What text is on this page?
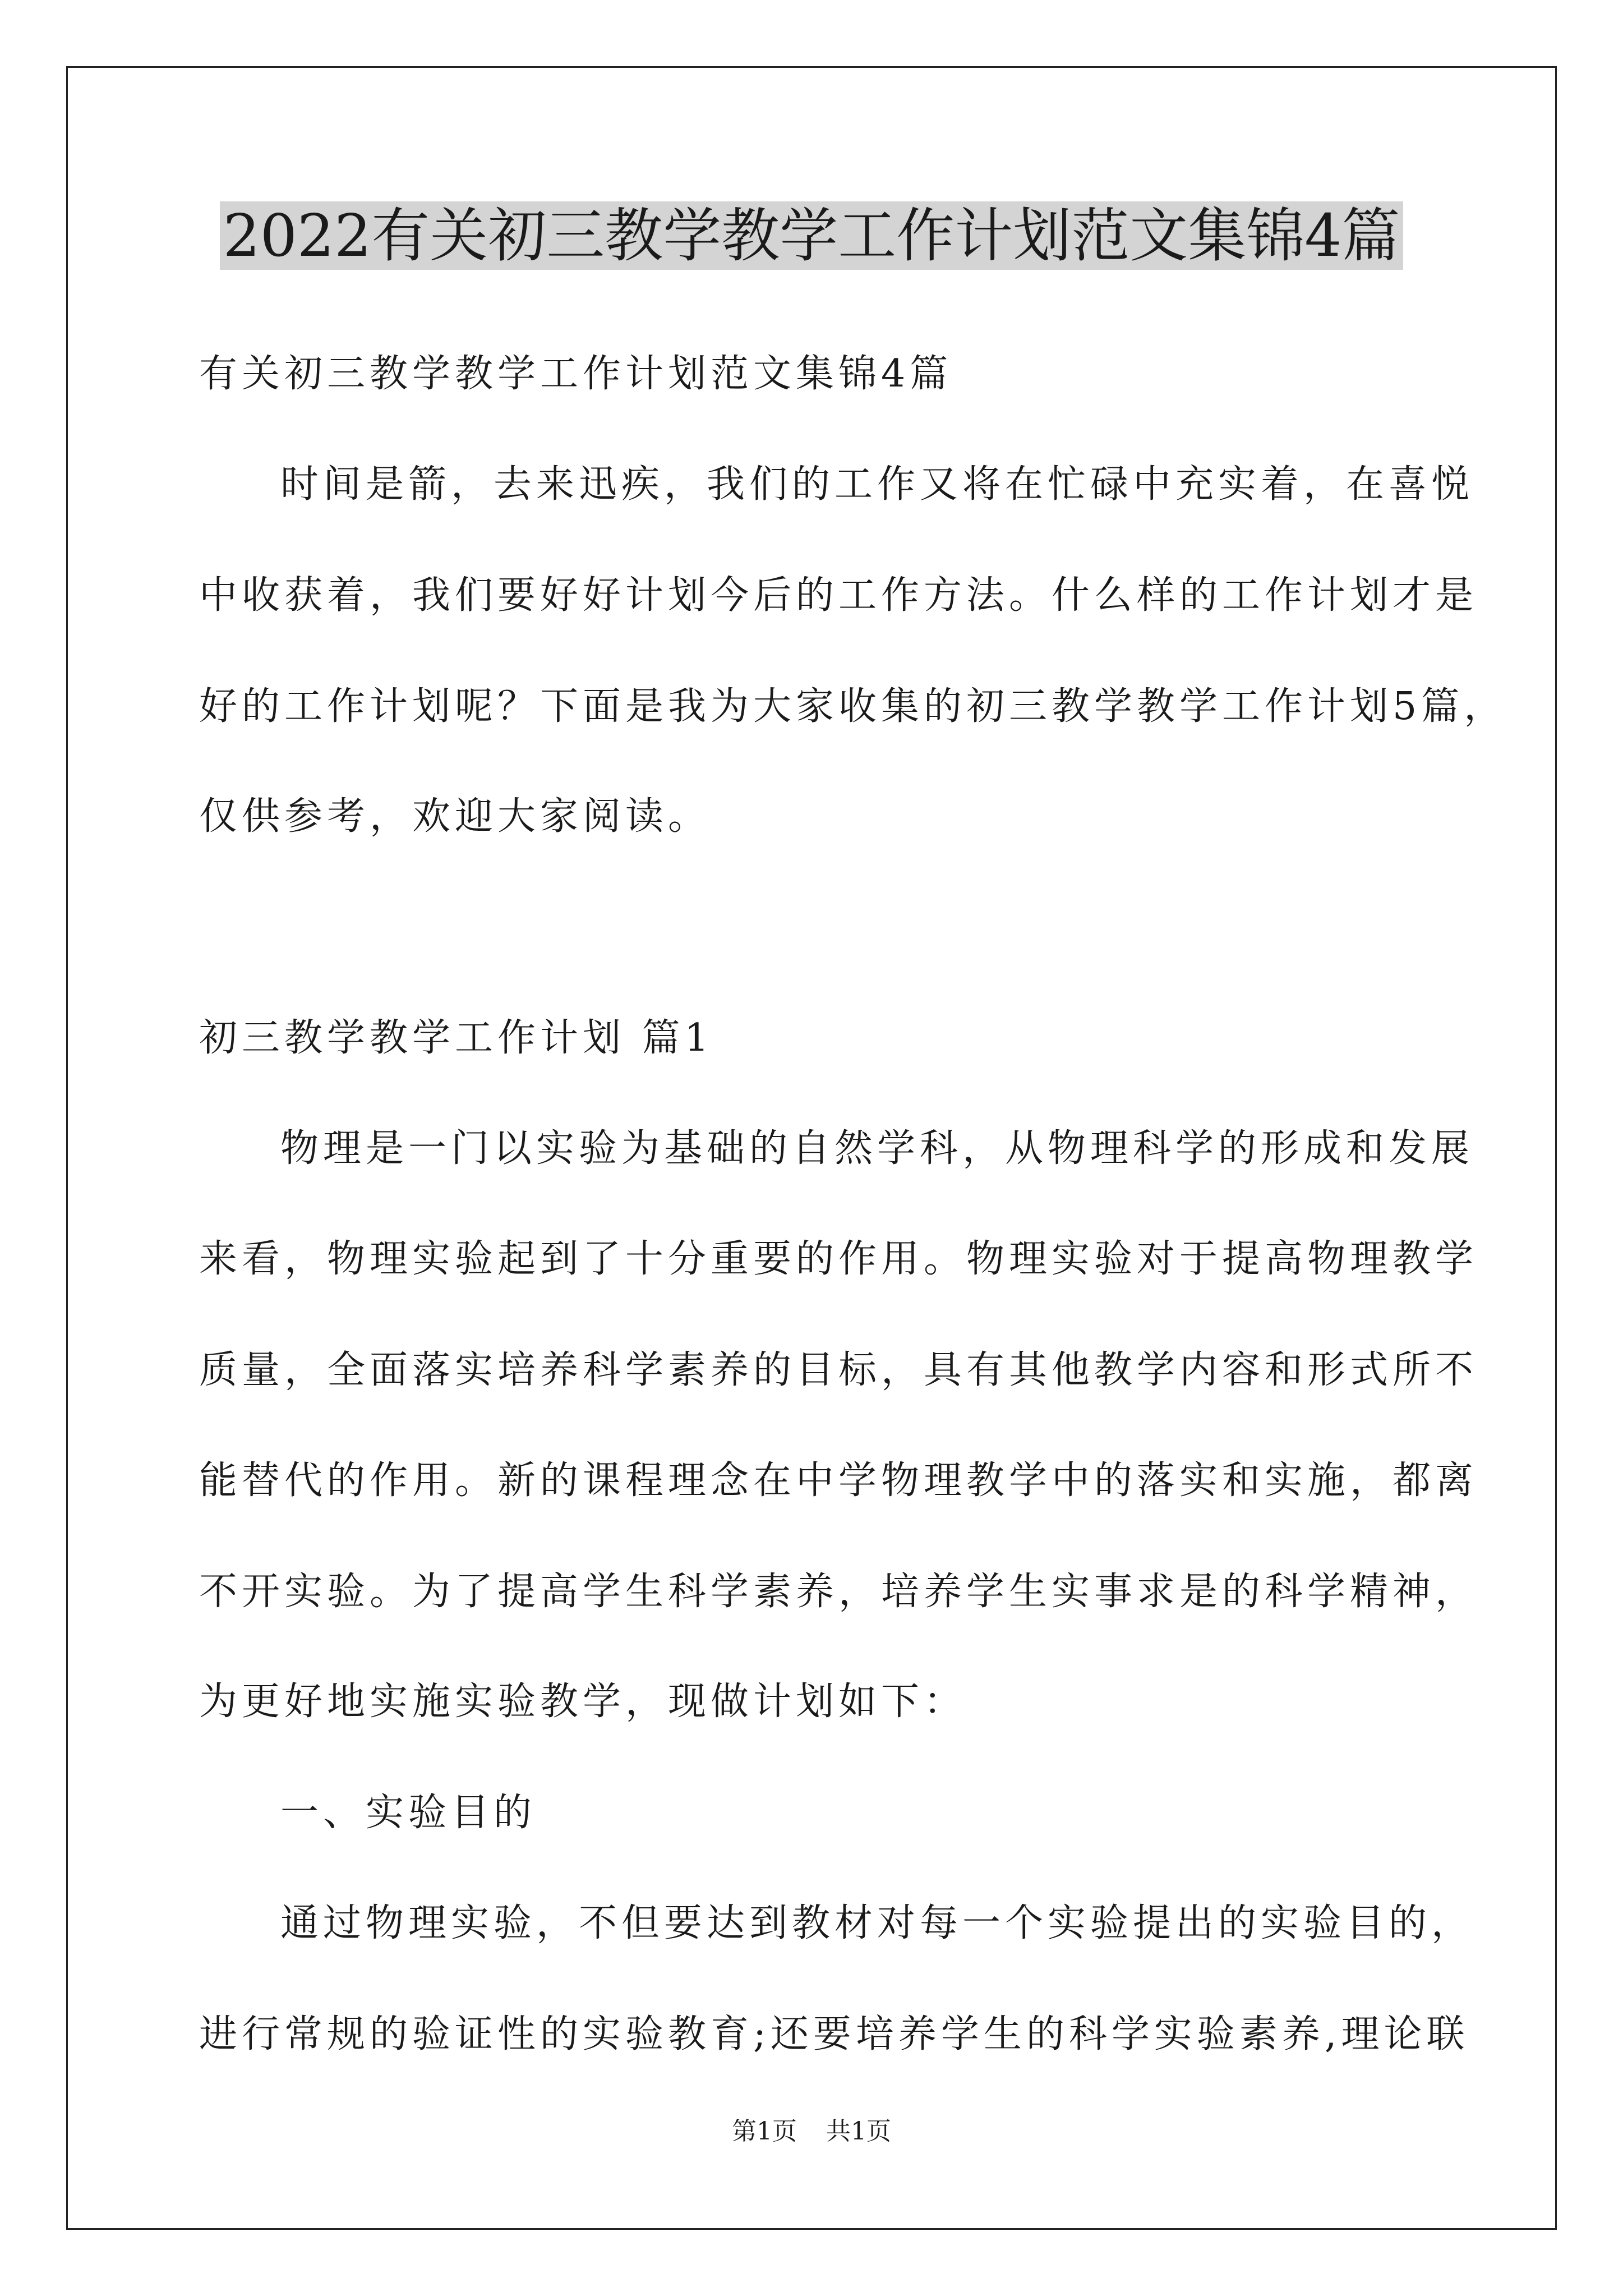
2022有关初三教学教学工作计划范文集锦4篇
有关初三教学教学工作计划范文集锦4篇
时间是箭，去来迅疾，我们的工作又将在忙碌中充实着，在喜悦
中收获着，我们要好好计划今后的工作方法。什么样的工作计划才是
好的工作计划呢？下面是我为大家收集的初三教学教学工作计划5篇，
仅供参考，欢迎大家阅读。
初三教学教学工作计划 篇1
物理是一门以实验为基础的自然学科，从物理科学的形成和发展
来看，物理实验起到了十分重要的作用。物理实验对于提高物理教学
质量，全面落实培养科学素养的目标，具有其他教学内容和形式所不
能替代的作用。新的课程理念在中学物理教学中的落实和实施，都离
不开实验。为了提高学生科学素养，培养学生实事求是的科学精神，
为更好地实施实验教学，现做计划如下：
一、实验目的
通过物理实验，不但要达到教材对每一个实验提出的实验目的，
进行常规的验证性的实验教育;还要培养学生的科学实验素养,理论联
第1页 共1页
